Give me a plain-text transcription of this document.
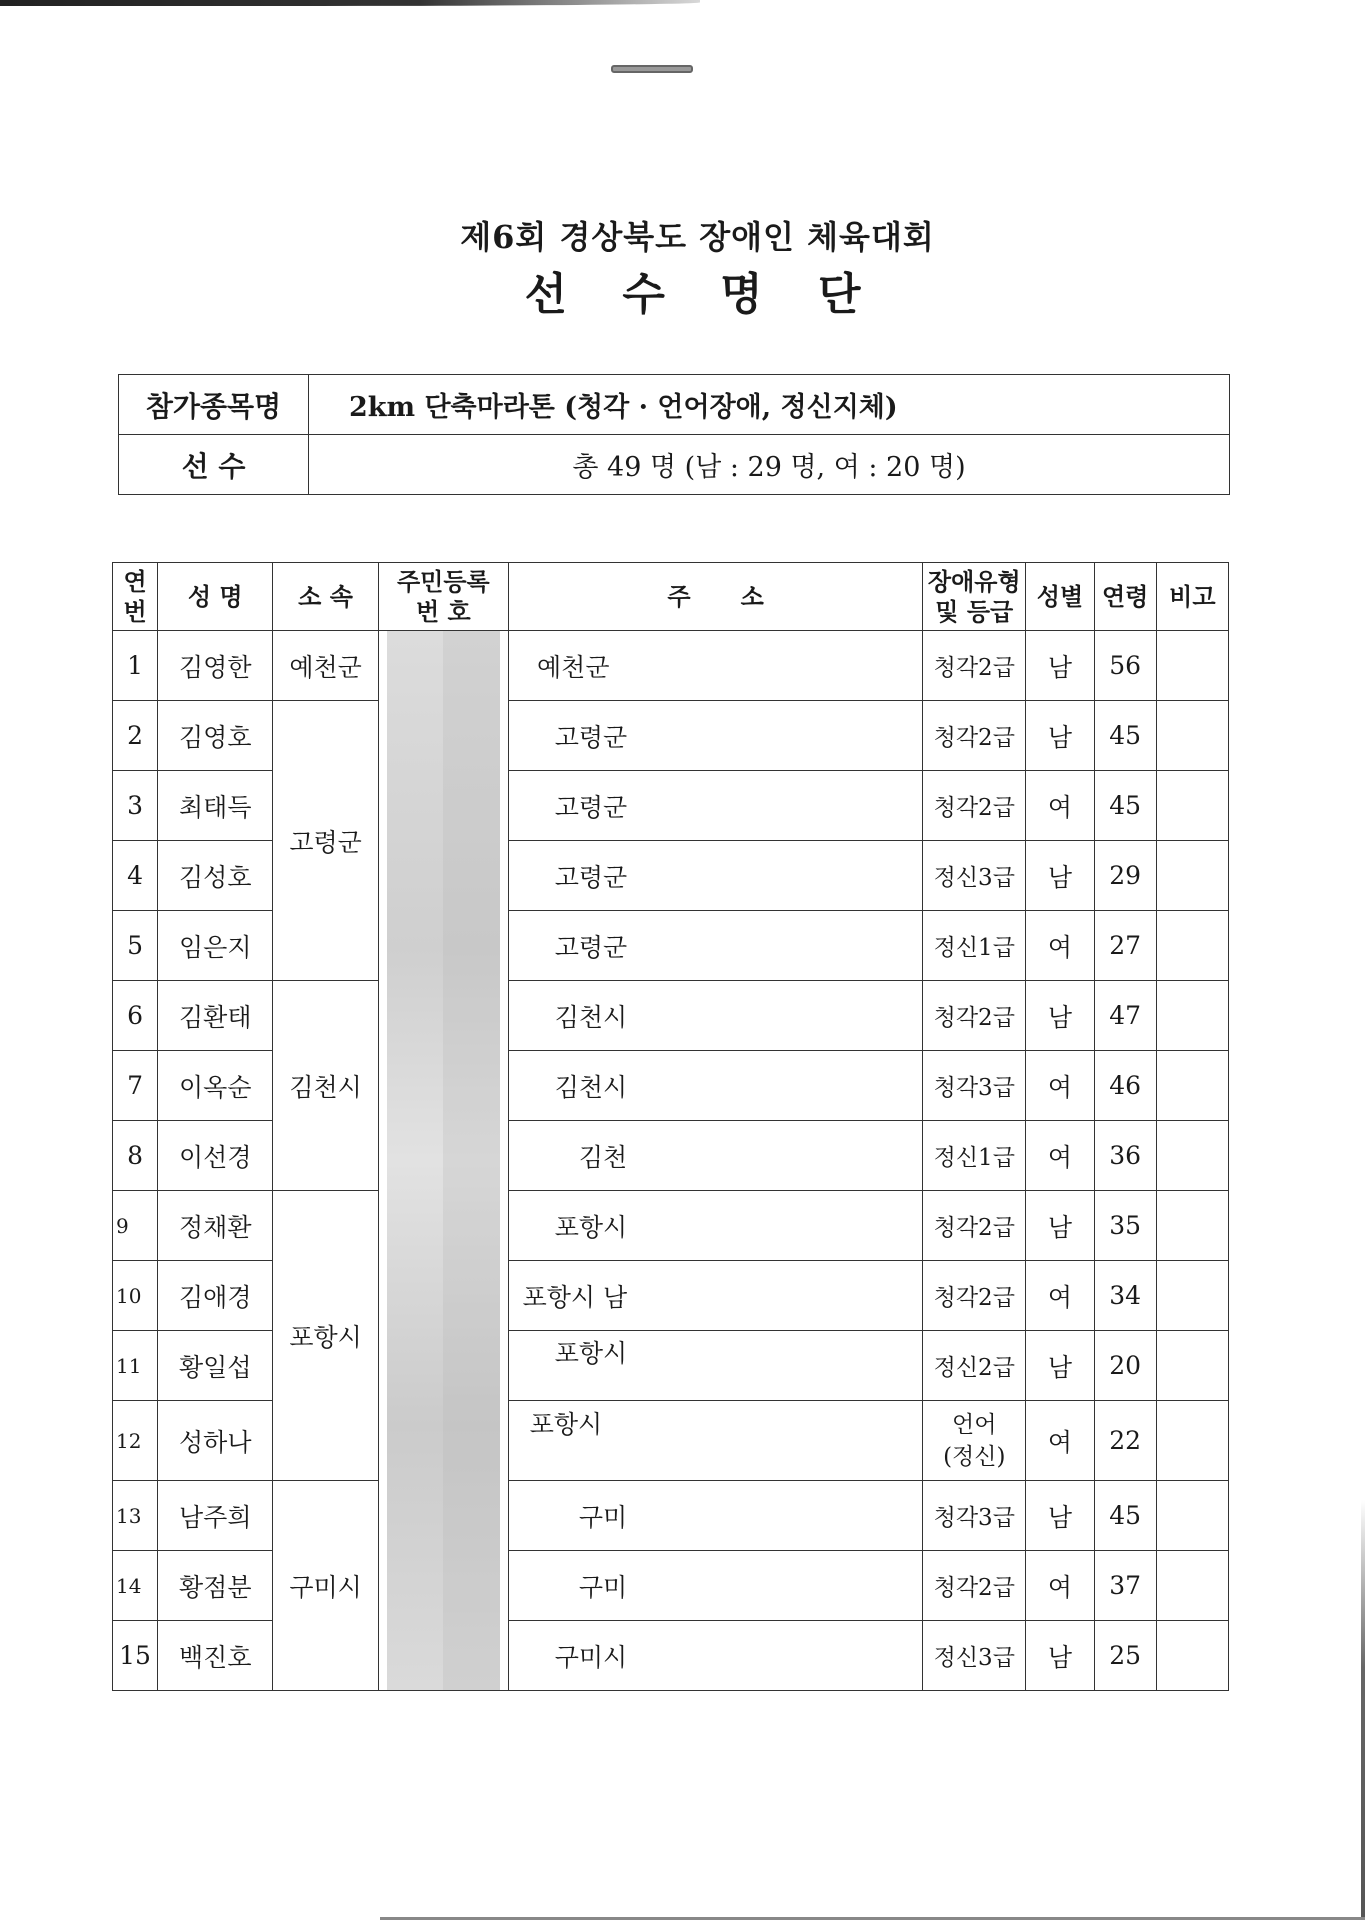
제6회 경상북도 장애인 체육대회
선 수 명 단
참가종목명	2km 단축마라톤 (청각 · 언어장애, 정신지체)
선 수	총 49 명 (남 : 29 명, 여 : 20 명)
연번	성 명	소 속	주민등록 번 호	주      소	장애유형 및 등급	성별	연령	비고
1	김영한	예천군		예천군	청각2급	남	56	
2	김영호	고령군		고령군	청각2급	남	45	
3	최태득			고령군	청각2급	여	45	
4	김성호			고령군	정신3급	남	29	
5	임은지			고령군	정신1급	여	27	
6	김환태	김천시		김천시	청각2급	남	47	
7	이옥순			김천시	청각3급	여	46	
8	이선경			김천	정신1급	여	36	
9	정채환	포항시		포항시	청각2급	남	35	
10	김애경			포항시 남	청각2급	여	34	
11	황일섭			포항시	정신2급	남	20	
12	성하나			포항시	언어 (정신)	여	22	
13	남주희	구미시		구미	청각3급	남	45	
14	황점분			구미	청각2급	여	37	
15	백진호			구미시	정신3급	남	25	
